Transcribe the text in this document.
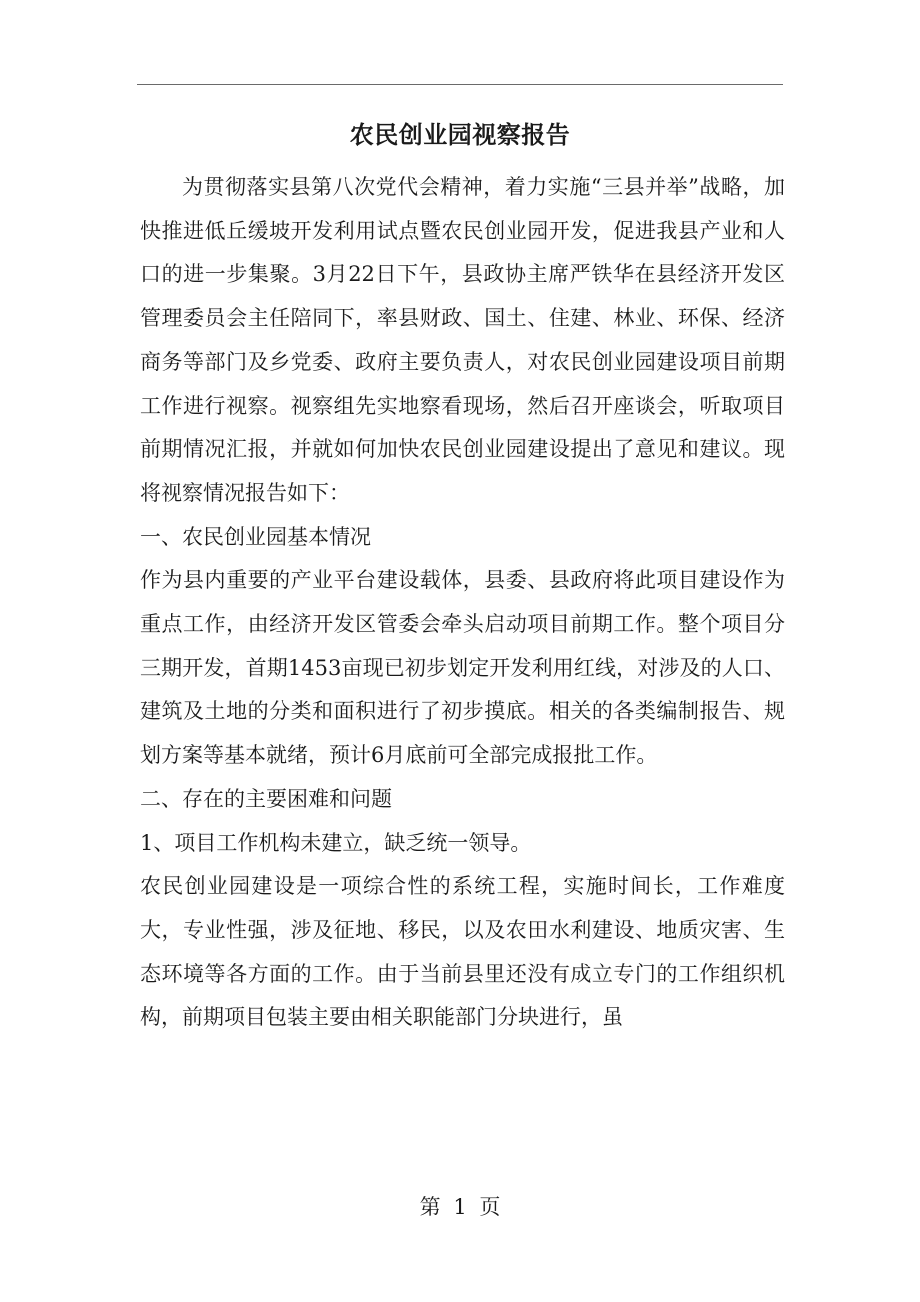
农民创业园视察报告

为贯彻落实县第八次党代会精神，着力实施“三县并举”战略，加快推进低丘缓坡开发利用试点暨农民创业园开发，促进我县产业和人口的进一步集聚。3月22日下午，县政协主席严铁华在县经济开发区管理委员会主任陪同下，率县财政、国土、住建、林业、环保、经济商务等部门及乡党委、政府主要负责人，对农民创业园建设项目前期工作进行视察。视察组先实地察看现场，然后召开座谈会，听取项目前期情况汇报，并就如何加快农民创业园建设提出了意见和建议。现将视察情况报告如下：

一、农民创业园基本情况

作为县内重要的产业平台建设载体，县委、县政府将此项目建设作为重点工作，由经济开发区管委会牵头启动项目前期工作。整个项目分三期开发，首期1453亩现已初步划定开发利用红线，对涉及的人口、建筑及土地的分类和面积进行了初步摸底。相关的各类编制报告、规划方案等基本就绪，预计6月底前可全部完成报批工作。

二、存在的主要困难和问题

1、项目工作机构未建立，缺乏统一领导。

农民创业园建设是一项综合性的系统工程，实施时间长，工作难度大，专业性强，涉及征地、移民，以及农田水利建设、地质灾害、生态环境等各方面的工作。由于当前县里还没有成立专门的工作组织机构，前期项目包装主要由相关职能部门分块进行，虽

第 1 页
